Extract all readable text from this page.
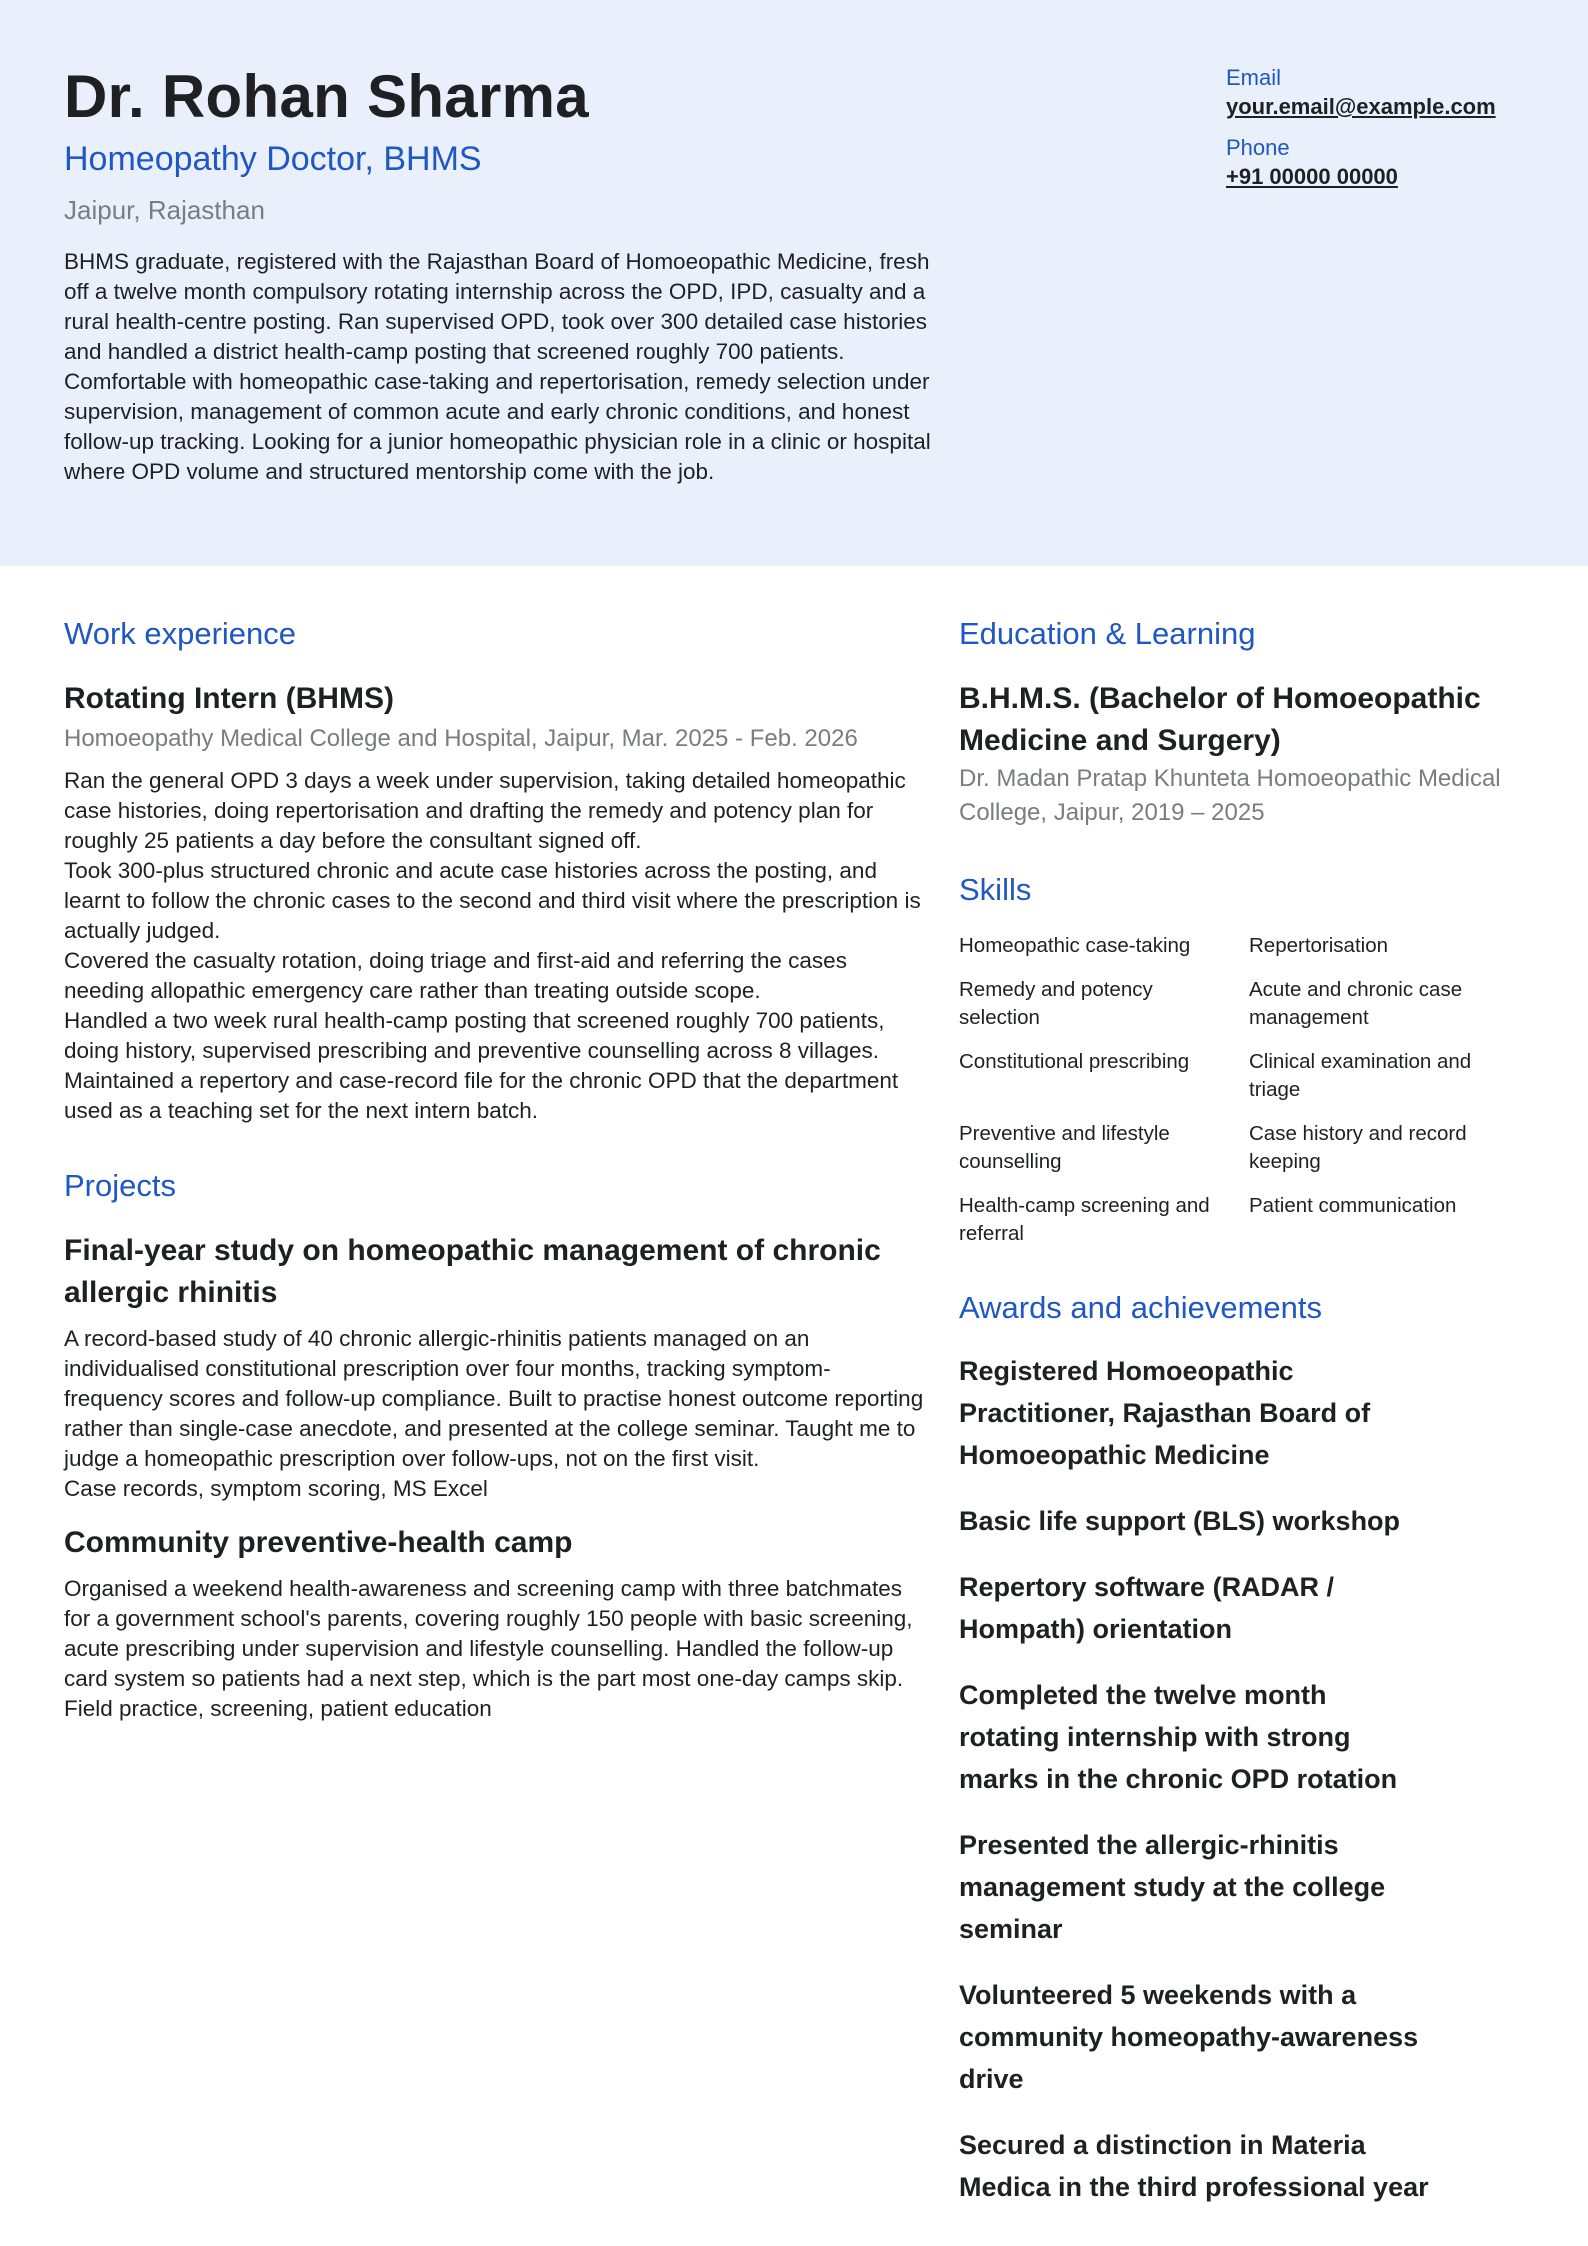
Dr. Rohan Sharma
Homeopathy Doctor, BHMS
Jaipur, Rajasthan
BHMS graduate, registered with the Rajasthan Board of Homoeopathic Medicine, fresh off a twelve month compulsory rotating internship across the OPD, IPD, casualty and a rural health-centre posting. Ran supervised OPD, took over 300 detailed case histories and handled a district health-camp posting that screened roughly 700 patients. Comfortable with homeopathic case-taking and repertorisation, remedy selection under supervision, management of common acute and early chronic conditions, and honest follow-up tracking. Looking for a junior homeopathic physician role in a clinic or hospital where OPD volume and structured mentorship come with the job.
Email
your.email@example.com
Phone
+91 00000 00000
Work experience
Rotating Intern (BHMS)
Homoeopathy Medical College and Hospital, Jaipur, Mar. 2025 - Feb. 2026
Ran the general OPD 3 days a week under supervision, taking detailed homeopathic case histories, doing repertorisation and drafting the remedy and potency plan for roughly 25 patients a day before the consultant signed off.
Took 300-plus structured chronic and acute case histories across the posting, and learnt to follow the chronic cases to the second and third visit where the prescription is actually judged.
Covered the casualty rotation, doing triage and first-aid and referring the cases needing allopathic emergency care rather than treating outside scope.
Handled a two week rural health-camp posting that screened roughly 700 patients, doing history, supervised prescribing and preventive counselling across 8 villages.
Maintained a repertory and case-record file for the chronic OPD that the department used as a teaching set for the next intern batch.
Projects
Final-year study on homeopathic management of chronic allergic rhinitis
A record-based study of 40 chronic allergic-rhinitis patients managed on an individualised constitutional prescription over four months, tracking symptom-frequency scores and follow-up compliance. Built to practise honest outcome reporting rather than single-case anecdote, and presented at the college seminar. Taught me to judge a homeopathic prescription over follow-ups, not on the first visit.
Case records, symptom scoring, MS Excel
Community preventive-health camp
Organised a weekend health-awareness and screening camp with three batchmates for a government school's parents, covering roughly 150 people with basic screening, acute prescribing under supervision and lifestyle counselling. Handled the follow-up card system so patients had a next step, which is the part most one-day camps skip.
Field practice, screening, patient education
Education & Learning
B.H.M.S. (Bachelor of Homoeopathic Medicine and Surgery)
Dr. Madan Pratap Khunteta Homoeopathic Medical College, Jaipur, 2019 – 2025
Skills
Homeopathic case-taking	Repertorisation
Remedy and potency selection
Acute and chronic case management
Constitutional prescribing	Clinical examination and triage
Preventive and lifestyle counselling
Case history and record keeping
Health-camp screening and referral
Patient communication
Awards and achievements
Registered Homoeopathic Practitioner, Rajasthan Board of Homoeopathic Medicine
Basic life support (BLS) workshop
Repertory software (RADAR / Hompath) orientation
Completed the twelve month rotating internship with strong marks in the chronic OPD rotation
Presented the allergic-rhinitis management study at the college seminar
Volunteered 5 weekends with a community homeopathy-awareness drive
Secured a distinction in Materia Medica in the third professional year
